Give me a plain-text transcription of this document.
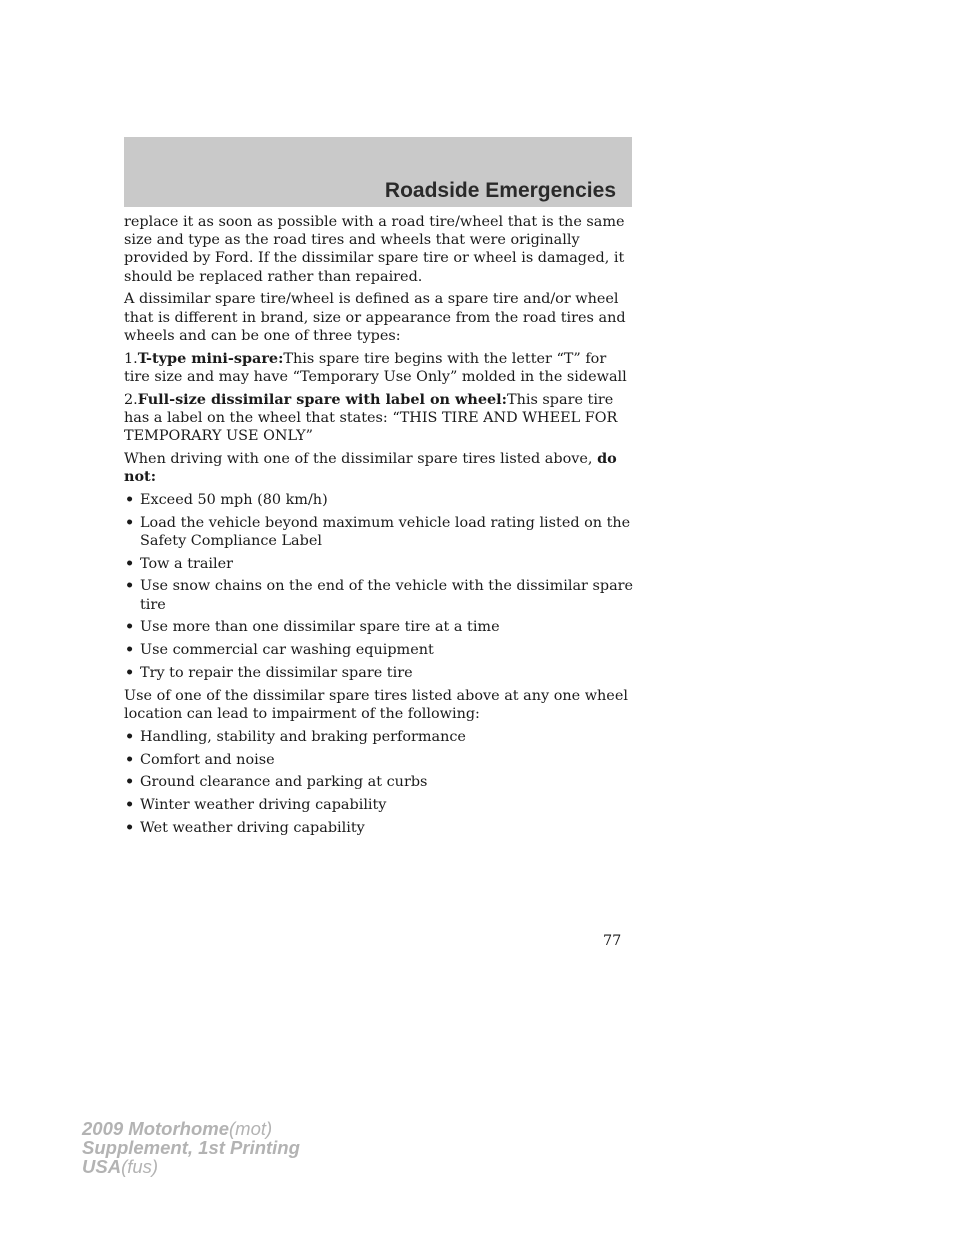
Roadside Emergencies

replace it as soon as possible with a road tire/wheel that is the same size and type as the road tires and wheels that were originally provided by Ford. If the dissimilar spare tire or wheel is damaged, it should be replaced rather than repaired.

A dissimilar spare tire/wheel is defined as a spare tire and/or wheel that is different in brand, size or appearance from the road tires and wheels and can be one of three types:

1.T-type mini-spare:This spare tire begins with the letter “T” for tire size and may have “Temporary Use Only” molded in the sidewall

2.Full-size dissimilar spare with label on wheel:This spare tire has a label on the wheel that states: “THIS TIRE AND WHEEL FOR TEMPORARY USE ONLY”

When driving with one of the dissimilar spare tires listed above, do not:

• Exceed 50 mph (80 km/h)
• Load the vehicle beyond maximum vehicle load rating listed on the Safety Compliance Label
• Tow a trailer
• Use snow chains on the end of the vehicle with the dissimilar spare tire
• Use more than one dissimilar spare tire at a time
• Use commercial car washing equipment
• Try to repair the dissimilar spare tire

Use of one of the dissimilar spare tires listed above at any one wheel location can lead to impairment of the following:

• Handling, stability and braking performance
• Comfort and noise
• Ground clearance and parking at curbs
• Winter weather driving capability
• Wet weather driving capability
77
2009 Motorhome(mot)
Supplement, 1st Printing
USA(fus)
